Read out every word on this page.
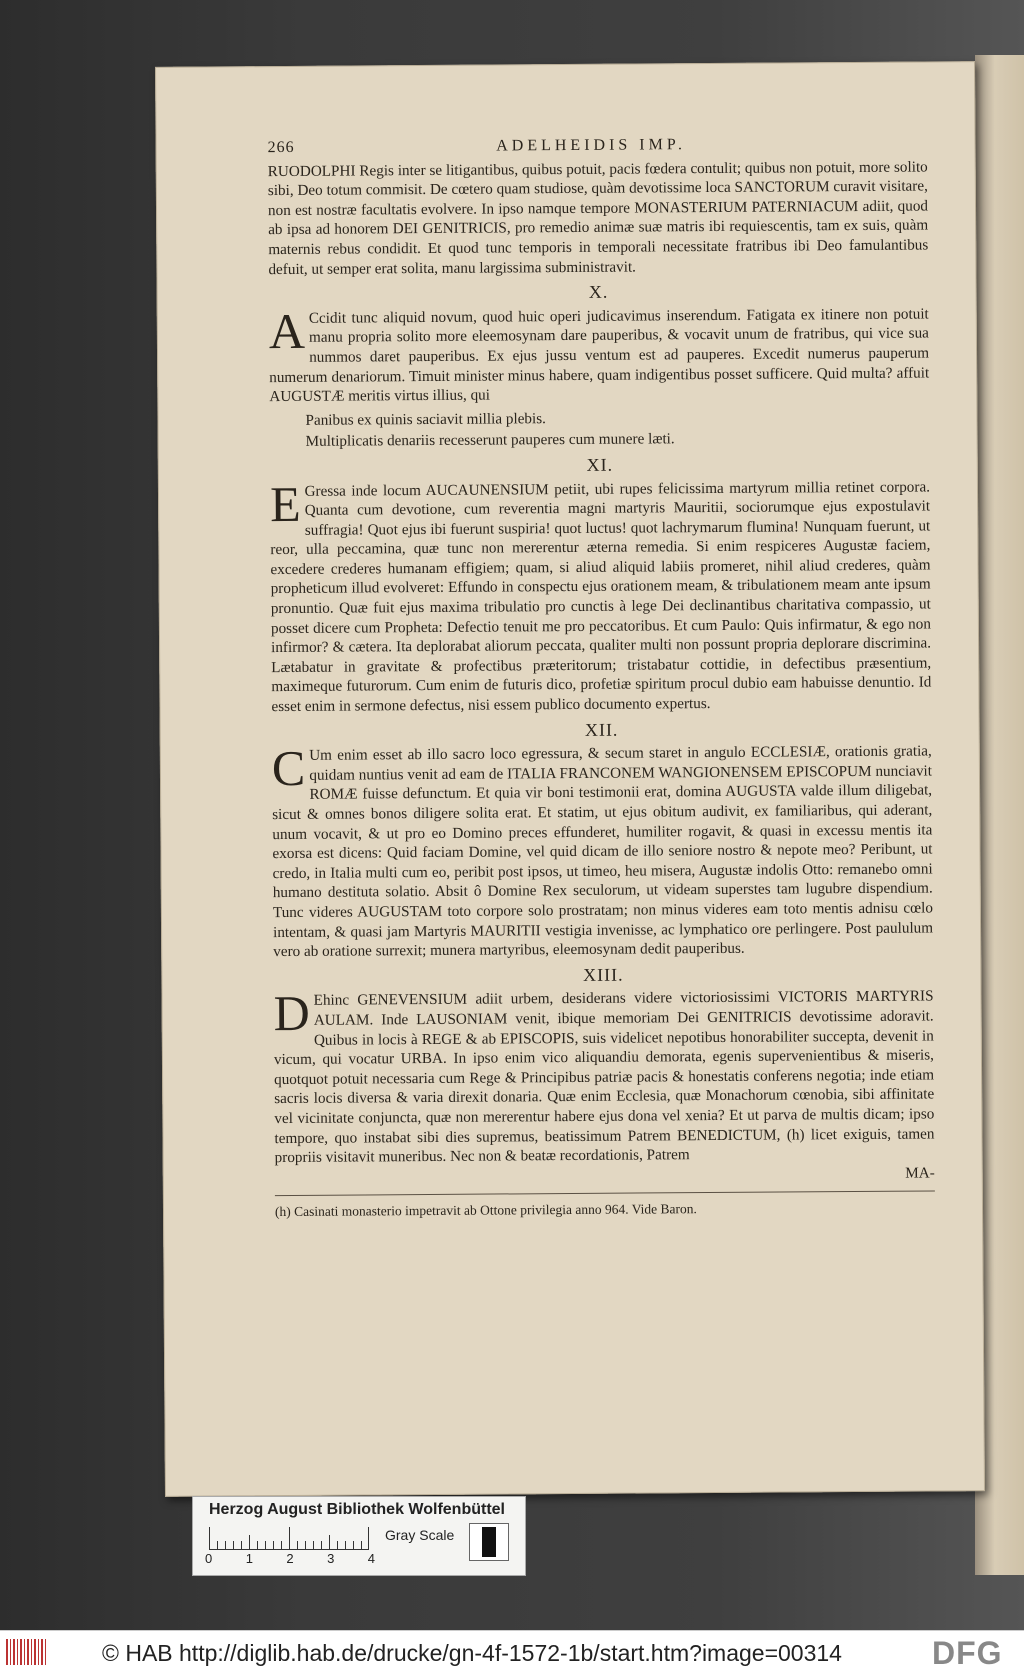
266	ADELHEIDIS IMP.

RUODOLPHI Regis inter se litigantibus, quibus potuit, pacis fœdera contulit; quibus non potuit, more solito sibi, Deo totum commisit. De cœtero quam studiose, quàm devotissime loca SANCTORUM curavit visitare, non est nostræ facultatis evolvere. In ipso namque tempore MONASTERIUM PATERNIACUM adiit, quod ab ipsa ad honorem DEI GENITRICIS, pro remedio animæ suæ matris ibi requiescentis, tam ex suis, quàm maternis rebus condidit. Et quod tunc temporis in temporali necessitate fratribus ibi Deo famulantibus defuit, ut semper erat solita, manu largissima subministravit.

X.

A Ccidit tunc aliquid novum, quod huic operi judicavimus inserendum. Fatigata ex itinere non potuit manu propria solito more eleemosynam dare pauperibus, & vocavit unum de fratribus, qui vice sua nummos daret pauperibus. Ex ejus jussu ventum est ad pauperes. Excedit numerus pauperum numerum denariorum. Timuit minister minus habere, quam indigentibus posset sufficere. Quid multa? affuit AUGUSTÆ meritis virtus illius, qui

Panibus ex quinis saciavit millia plebis.
Multiplicatis denariis recesserunt pauperes cum munere læti.
XI.

E Gressa inde locum AUCAUNENSIUM petiit, ubi rupes felicissima martyrum millia retinet corpora. Quanta cum devotione, cum reverentia magni martyris Mauritii, sociorumque ejus expostulavit suffragia! Quot ejus ibi fuerunt suspiria! quot luctus! quot lachrymarum flumina! Nunquam fuerunt, ut reor, ulla peccamina, quæ tunc non mererentur æterna remedia. Si enim respiceres Augustæ faciem, excedere crederes humanam effigiem; quam, si aliud aliquid labiis promeret, nihil aliud crederes, quàm propheticum illud evolveret: Effundo in conspectu ejus orationem meam, & tribulationem meam ante ipsum pronuntio. Quæ fuit ejus maxima tribulatio pro cunctis à lege Dei declinantibus charitativa compassio, ut posset dicere cum Propheta: Defectio tenuit me pro peccatoribus. Et cum Paulo: Quis infirmatur, & ego non infirmor? & cætera. Ita deplorabat aliorum peccata, qualiter multi non possunt propria deplorare discrimina. Lætabatur in gravitate & profectibus præteritorum; tristabatur cottidie, in defectibus præsentium, maximeque futurorum. Cum enim de futuris dico, profetiæ spiritum procul dubio eam habuisse denuntio. Id esset enim in sermone defectus, nisi essem publico documento expertus.

XII.

C Um enim esset ab illo sacro loco egressura, & secum staret in angulo ECCLESIÆ, orationis gratia, quidam nuntius venit ad eam de ITALIA FRANCONEM WANGIONENSEM EPISCOPUM nunciavit ROMÆ fuisse defunctum. Et quia vir boni testimonii erat, domina AUGUSTA valde illum diligebat, sicut & omnes bonos diligere solita erat. Et statim, ut ejus obitum audivit, ex familiaribus, qui aderant, unum vocavit, & ut pro eo Domino preces effunderet, humiliter rogavit, & quasi in excessu mentis ita exorsa est dicens: Quid faciam Domine, vel quid dicam de illo seniore nostro & nepote meo? Peribunt, ut credo, in Italia multi cum eo, peribit post ipsos, ut timeo, heu misera, Augustæ indolis Otto: remanebo omni humano destituta solatio. Absit ô Domine Rex seculorum, ut videam superstes tam lugubre dispendium. Tunc videres AUGUSTAM toto corpore solo prostratam; non minus videres eam toto mentis adnisu cœlo intentam, & quasi jam Martyris MAURITII vestigia invenisse, ac lymphatico ore perlingere. Post paululum vero ab oratione surrexit; munera martyribus, eleemosynam dedit pauperibus.

XIII.

D Ehinc GENEVENSIUM adiit urbem, desiderans videre victoriosissimi VICTORIS MARTYRIS AULAM. Inde LAUSONIAM venit, ibique memoriam Dei GENITRICIS devotissime adoravit. Quibus in locis à REGE & ab EPISCOPIS, suis videlicet nepotibus honorabiliter succepta, devenit in vicum, qui vocatur URBA. In ipso enim vico aliquandiu demorata, egenis supervenientibus & miseris, quotquot potuit necessaria cum Rege & Principibus patriæ pacis & honestatis conferens negotia; inde etiam sacris locis diversa & varia direxit donaria. Quæ enim Ecclesia, quæ Monachorum cœnobia, sibi affinitate vel vicinitate conjuncta, quæ non mererentur habere ejus dona vel xenia? Et ut parva de multis dicam; ipso tempore, quo instabat sibi dies supremus, beatissimum Patrem BENEDICTUM, (h) licet exiguis, tamen propriis visitavit muneribus. Nec non & beatæ recordationis, Patrem

MA-
(h) Casinati monasterio impetravit ab Ottone privilegia anno 964. Vide Baron.
Herzog August Bibliothek Wolfenbüttel
0	1	2	3	4
Gray Scale
© HAB http://diglib.hab.de/drucke/gn-4f-1572-1b/start.htm?image=00314	DFG
